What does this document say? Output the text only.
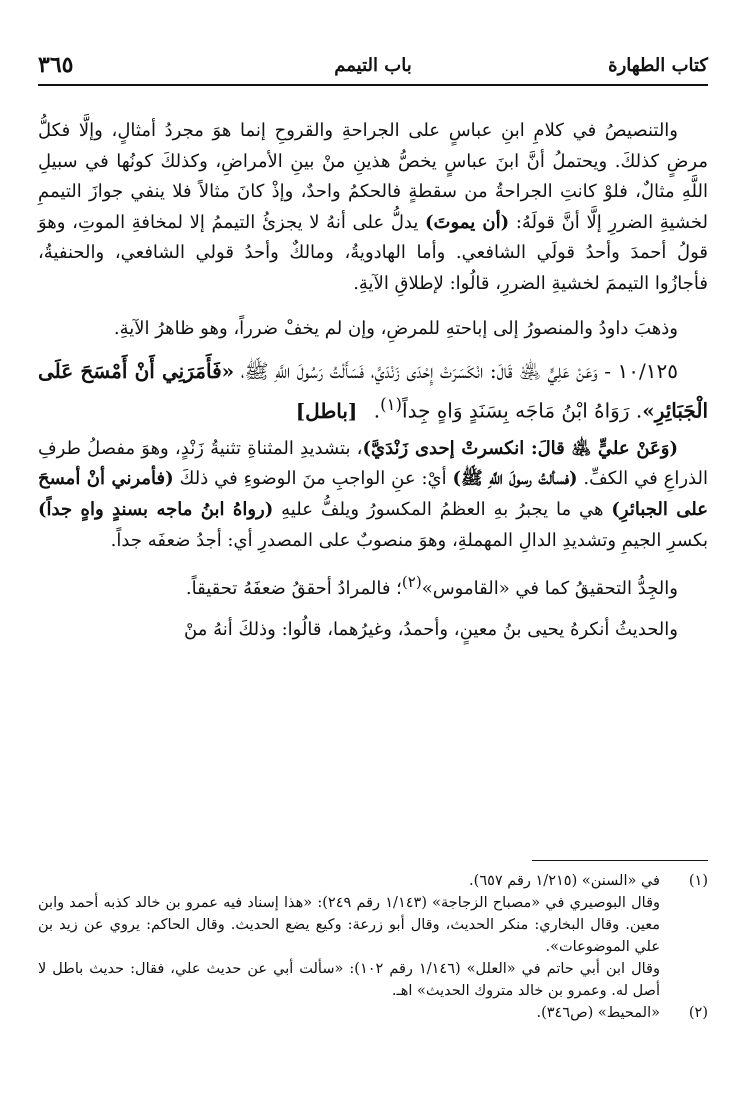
كتاب الطهارة
باب التيمم
٣٦٥

والتنصيصُ في كلامِ ابنِ عباسٍ على الجراحةِ والقروحِ إنما هوَ مجردُ أمثالٍ، وإلَّا فكلُّ مرضٍ كذلكَ. ويحتملُ أنَّ ابنَ عباسٍ يخصُّ هذينِ منْ بينِ الأمراضِ، وكذلكَ كونُها في سبيلِ اللَّهِ مثالٌ، فلوْ كانتِ الجراحةُ من سقطةٍ فالحكمُ واحدٌ، وإذْ كانَ مثالاً فلا ينفي جوازَ التيممِ لخشيةِ الضررِ إلَّا أنَّ قولَهُ: (أن يموتَ) يدلُّ على أنهُ لا يجزئُ التيممُ إلا لمخافةِ الموتِ، وهوَ قولُ أحمدَ وأحدُ قولَي الشافعي. وأما الهادويةُ، ومالكٌ وأحدُ قولي الشافعي، والحنفيةُ، فأجازُوا التيممَ لخشيةِ الضررِ، قالُوا: لإطلاقِ الآيةِ.

وذهبَ داودُ والمنصورُ إلى إباحتهِ للمرضِ، وإن لم يخفْ ضرراً، وهو ظاهرُ الآيةِ.

١٠/١٢٥ - وَعَنْ عَلِيٍّ ﵁ قَالَ: انْكَسَرَتْ إِحْدَى زَنْدَيَّ، فَسَأَلْتُ رَسُولَ اللَّهِ ﷺ، «فَأَمَرَنِي أَنْ أَمْسَحَ عَلَى الْجَبَائِرِ». رَوَاهُ ابْنُ مَاجَه بِسَنَدٍ وَاهٍ جِداً$^{(١)}$. [باطل]

(وَعَنْ عليٍّ ﵁ قالَ: انكسرتْ إحدى زَنْدَيَّ)، بتشديدِ المثناةِ تثنيةُ زَنْدٍ، وهوَ مفصلُ طرفِ الذراعِ في الكفِّ. (فسألتُ رسولَ اللَّهِ ﷺ) أيْ: عنِ الواجبِ منَ الوضوءِ في ذلكَ (فأمرني أنْ أمسحَ على الجبائرِ) هي ما يجبرُ بهِ العظمُ المكسورُ ويلفُّ عليهِ (رواهُ ابنُ ماجه بسندٍ واهٍ جداً) بكسرِ الجيمِ وتشديدِ الدالِ المهملةِ، وهوَ منصوبٌ على المصدرِ أي: أجدُ ضعفَه جداً.

والجِدُّ التحقيقُ كما في «القاموس»$^{(٢)}$؛ فالمرادُ أحققُ ضعفَهُ تحقيقاً.

والحديثُ أنكرهُ يحيى بنُ معينٍ، وأحمدُ، وغيرُهما، قالُوا: وذلكَ أنهُ منْ

(١)

في «السنن» (١/٢١٥ رقم ٦٥٧).

وقال البوصيري في «مصباح الزجاجة» (١/١٤٣ رقم ٢٤٩): «هذا إسناد فيه عمرو بن خالد كذبه أحمد وابن معين. وقال البخاري: منكر الحديث، وقال أبو زرعة: وكيع يضع الحديث. وقال الحاكم: يروي عن زيد بن علي الموضوعات».

وقال ابن أبي حاتم في «العلل» (١/١٤٦ رقم ١٠٢): «سألت أبي عن حديث علي، فقال: حديث باطل لا أصل له. وعمرو بن خالد متروك الحديث» اهـ.

(٢)

«المحيط» (ص٣٤٦).
